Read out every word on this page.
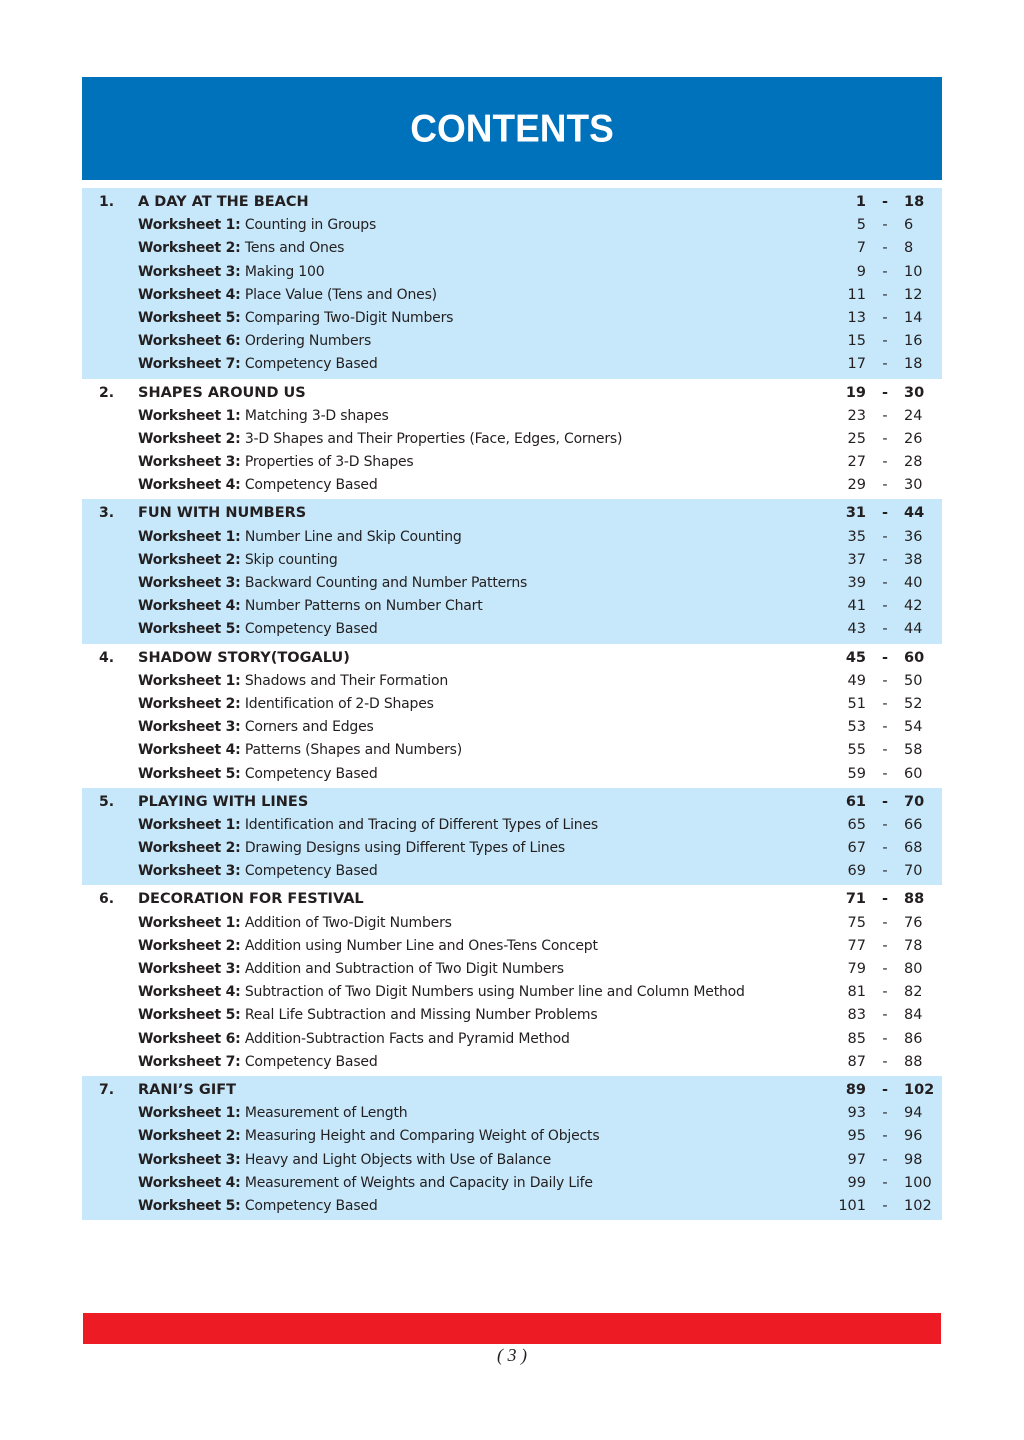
CONTENTS
1. A DAY AT THE BEACH	1 - 18
Worksheet 1: Counting in Groups	5 - 6
Worksheet 2: Tens and Ones	7 - 8
Worksheet 3: Making 100	9 - 10
Worksheet 4: Place Value (Tens and Ones)	11 - 12
Worksheet 5: Comparing Two-Digit Numbers	13 - 14
Worksheet 6: Ordering Numbers	15 - 16
Worksheet 7: Competency Based	17 - 18
2. SHAPES AROUND US	19 - 30
Worksheet 1: Matching 3-D shapes	23 - 24
Worksheet 2: 3-D Shapes and Their Properties (Face, Edges, Corners)	25 - 26
Worksheet 3: Properties of 3-D Shapes	27 - 28
Worksheet 4: Competency Based	29 - 30
3. FUN WITH NUMBERS	31 - 44
Worksheet 1: Number Line and Skip Counting	35 - 36
Worksheet 2: Skip counting	37 - 38
Worksheet 3: Backward Counting and Number Patterns	39 - 40
Worksheet 4: Number Patterns on Number Chart	41 - 42
Worksheet 5: Competency Based	43 - 44
4. SHADOW STORY(TOGALU)	45 - 60
Worksheet 1: Shadows and Their Formation	49 - 50
Worksheet 2: Identification of 2-D Shapes	51 - 52
Worksheet 3: Corners and Edges	53 - 54
Worksheet 4: Patterns (Shapes and Numbers)	55 - 58
Worksheet 5: Competency Based	59 - 60
5. PLAYING WITH LINES	61 - 70
Worksheet 1: Identification and Tracing of Different Types of Lines	65 - 66
Worksheet 2: Drawing Designs using Different Types of Lines	67 - 68
Worksheet 3: Competency Based	69 - 70
6. DECORATION FOR FESTIVAL	71 - 88
Worksheet 1: Addition of Two-Digit Numbers	75 - 76
Worksheet 2: Addition using Number Line and Ones-Tens Concept	77 - 78
Worksheet 3: Addition and Subtraction of Two Digit Numbers	79 - 80
Worksheet 4: Subtraction of Two Digit Numbers using Number line and Column Method	81 - 82
Worksheet 5: Real Life Subtraction and Missing Number Problems	83 - 84
Worksheet 6: Addition-Subtraction Facts and Pyramid Method	85 - 86
Worksheet 7: Competency Based	87 - 88
7. RANI’S GIFT	89 - 102
Worksheet 1: Measurement of Length	93 - 94
Worksheet 2: Measuring Height and Comparing Weight of Objects	95 - 96
Worksheet 3: Heavy and Light Objects with Use of Balance	97 - 98
Worksheet 4: Measurement of Weights and Capacity in Daily Life	99 - 100
Worksheet 5: Competency Based	101 - 102
( 3 )
